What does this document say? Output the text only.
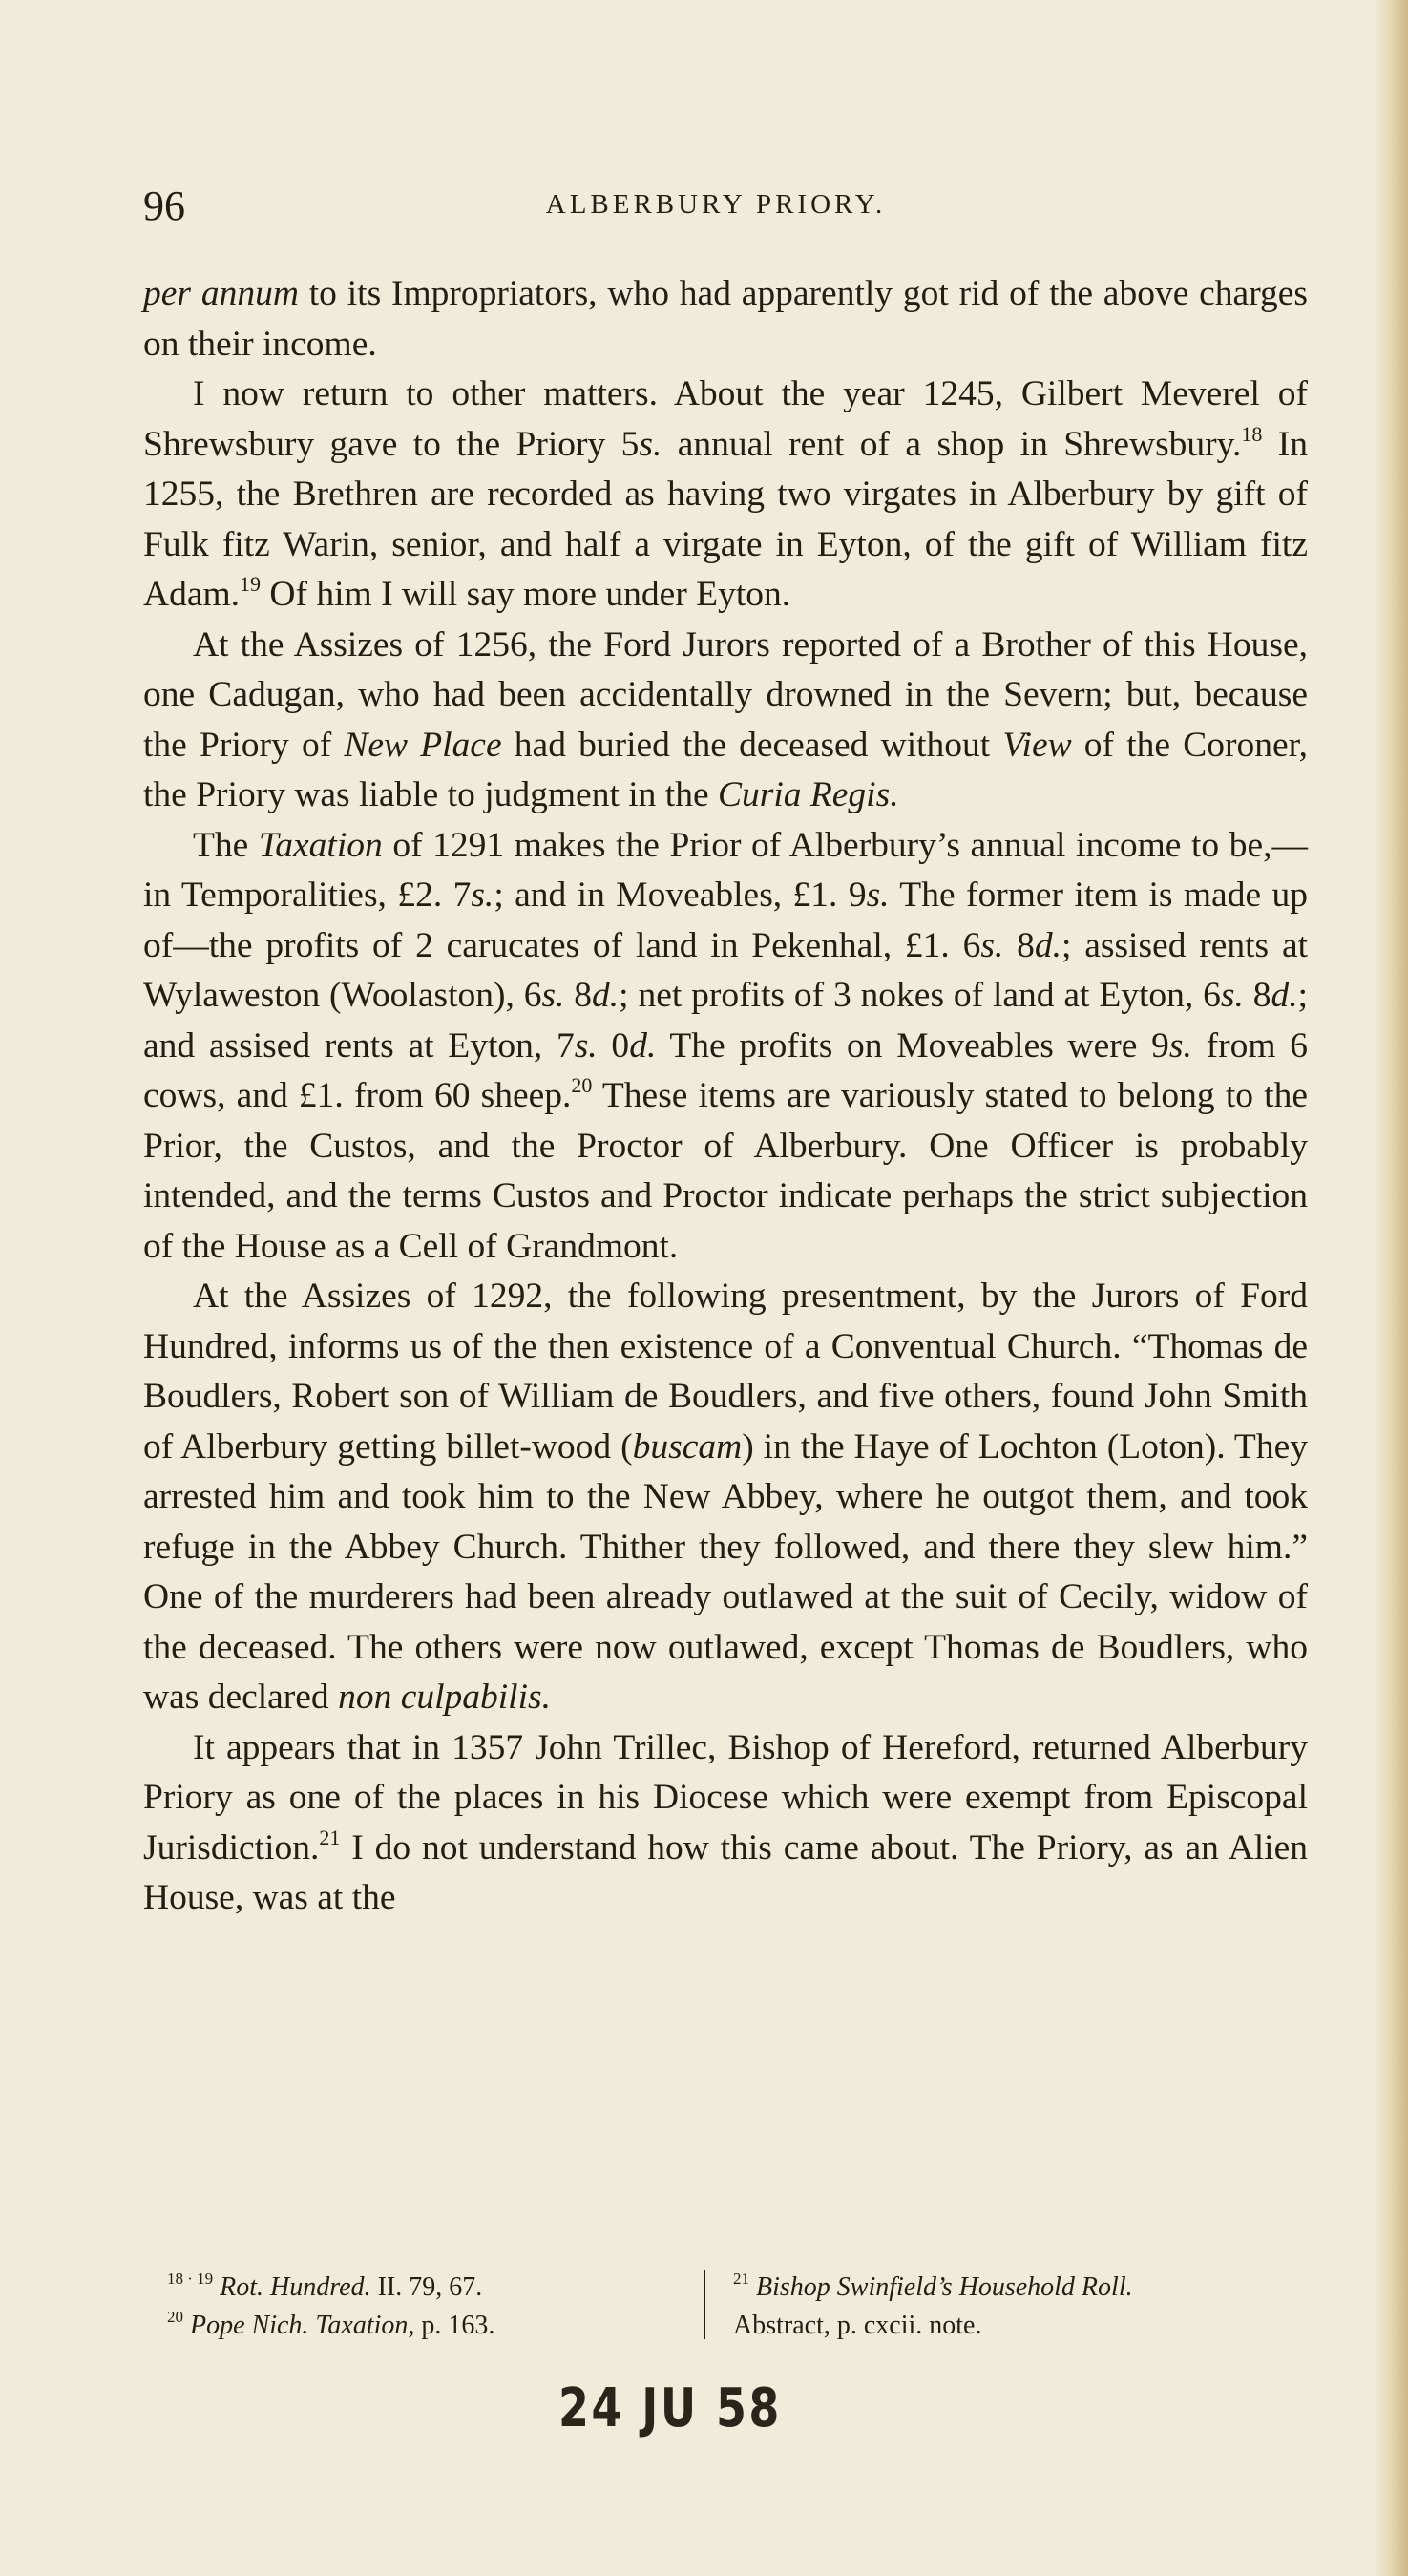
96	ALBERBURY PRIORY.

per annum to its Impropriators, who had apparently got rid of the above charges on their income.

I now return to other matters. About the year 1245, Gilbert Meverel of Shrewsbury gave to the Priory 5s. annual rent of a shop in Shrewsbury.$^{18}$ In 1255, the Brethren are recorded as having two virgates in Alberbury by gift of Fulk fitz Warin, senior, and half a virgate in Eyton, of the gift of William fitz Adam.$^{19}$ Of him I will say more under Eyton.

At the Assizes of 1256, the Ford Jurors reported of a Brother of this House, one Cadugan, who had been accidentally drowned in the Severn; but, because the Priory of New Place had buried the deceased without View of the Coroner, the Priory was liable to judgment in the Curia Regis.

The Taxation of 1291 makes the Prior of Alberbury’s annual income to be,—in Temporalities, £2. 7s.; and in Moveables, £1. 9s. The former item is made up of—the profits of 2 carucates of land in Pekenhal, £1. 6s. 8d.; assised rents at Wylaweston (Woolaston), 6s. 8d.; net profits of 3 nokes of land at Eyton, 6s. 8d.; and assised rents at Eyton, 7s. 0d. The profits on Moveables were 9s. from 6 cows, and £1. from 60 sheep.$^{20}$ These items are variously stated to belong to the Prior, the Custos, and the Proctor of Alberbury. One Officer is probably intended, and the terms Custos and Proctor indicate perhaps the strict subjection of the House as a Cell of Grandmont.

At the Assizes of 1292, the following presentment, by the Jurors of Ford Hundred, informs us of the then existence of a Conventual Church. “Thomas de Boudlers, Robert son of William de Boudlers, and five others, found John Smith of Alberbury getting billet-wood (buscam) in the Haye of Lochton (Loton). They arrested him and took him to the New Abbey, where he outgot them, and took refuge in the Abbey Church. Thither they followed, and there they slew him.” One of the murderers had been already outlawed at the suit of Cecily, widow of the deceased. The others were now outlawed, except Thomas de Boudlers, who was declared non culpabilis.

It appears that in 1357 John Trillec, Bishop of Hereford, returned Alberbury Priory as one of the places in his Diocese which were exempt from Episcopal Jurisdiction.$^{21}$ I do not understand how this came about. The Priory, as an Alien House, was at the

$^{18 \cdot 19}$ Rot. Hundred. II. 79, 67.
$^{20}$ Pope Nich. Taxation, p. 163.
$^{21}$ Bishop Swinfield’s Household Roll.
Abstract, p. cxcii. note.
24 JU 58
